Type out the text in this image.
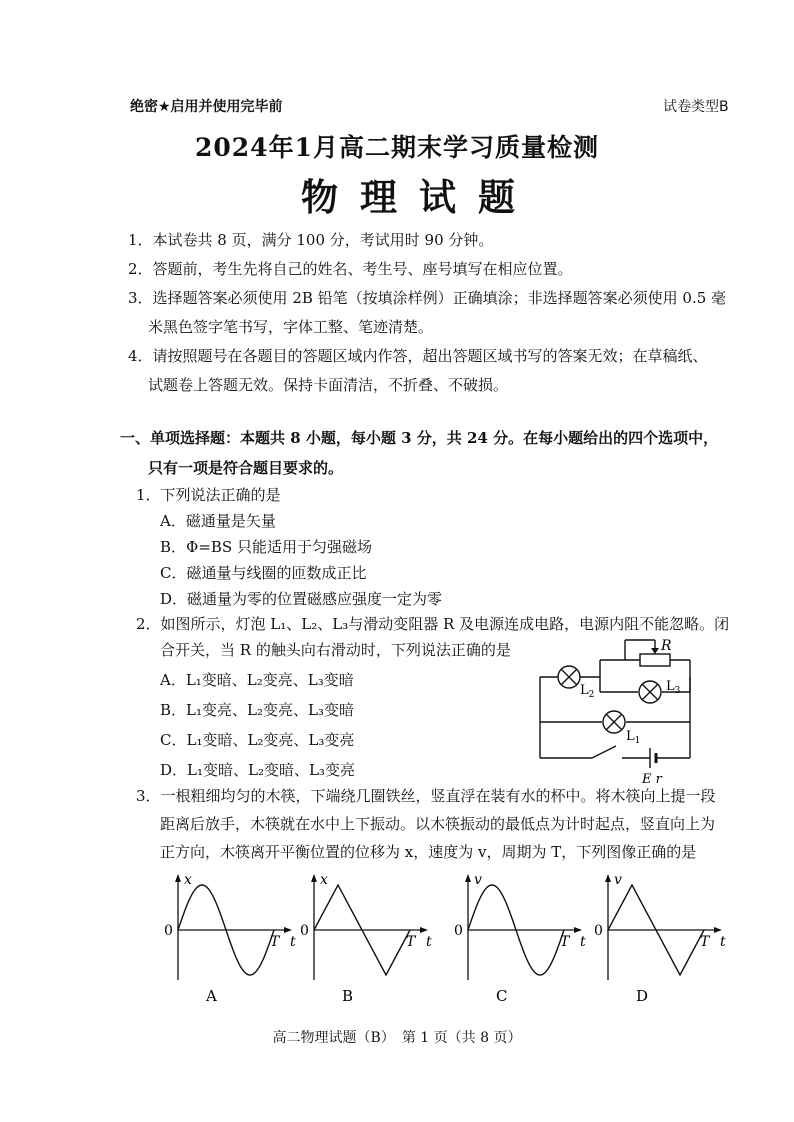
绝密★启用并使用完毕前	试卷类型B
2024年1月高二期末学习质量检测
物理试题
1．本试卷共 8 页，满分 100 分，考试用时 90 分钟。
2．答题前，考生先将自己的姓名、考生号、座号填写在相应位置。
3．选择题答案必须使用 2B 铅笔（按填涂样例）正确填涂；非选择题答案必须使用 0.5 毫
米黑色签字笔书写，字体工整、笔迹清楚。
4．请按照题号在各题目的答题区域内作答，超出答题区域书写的答案无效；在草稿纸、
试题卷上答题无效。保持卡面清洁，不折叠、不破损。
一、单项选择题：本题共 8 小题，每小题 3 分，共 24 分。在每小题给出的四个选项中，
只有一项是符合题目要求的。
1．下列说法正确的是
A．磁通量是矢量
B．Φ=BS 只能适用于匀强磁场
C．磁通量与线圈的匝数成正比
D．磁通量为零的位置磁感应强度一定为零
2．如图所示，灯泡 L₁、L₂、L₃与滑动变阻器 R 及电源连成电路，电源内阻不能忽略。闭
合开关，当 R 的触头向右滑动时，下列说法正确的是
A．L₁变暗、L₂变亮、L₃变暗
B．L₁变亮、L₂变亮、L₃变暗
C．L₁变暗、L₂变亮、L₃变亮
D．L₁变暗、L₂变暗、L₃变亮
R
$L_2$
$L_3$
$L_1$
E r
3．一根粗细均匀的木筷，下端绕几圈铁丝，竖直浮在装有水的杯中。将木筷向上提一段
距离后放手，木筷就在水中上下振动。以木筷振动的最低点为计时起点，竖直向上为
正方向，木筷离开平衡位置的位移为 x，速度为 v，周期为 T，下列图像正确的是
x
0
T t
A
x
0
T t
B
v
0
T t
C
v
0
T t
D
高二物理试题（B）　第 1 页（共 8 页）
